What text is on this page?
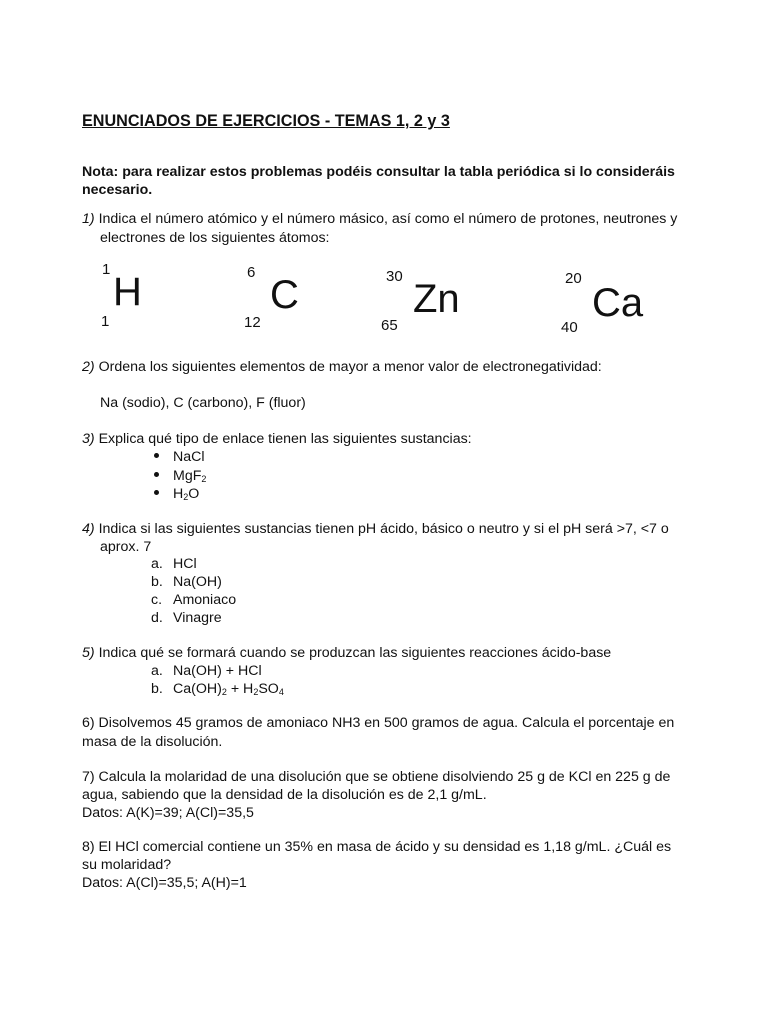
ENUNCIADOS DE EJERCICIOS - TEMAS 1, 2 y 3
Nota: para realizar estos problemas podéis consultar la tabla periódica si lo consideráis
necesario.
1) Indica el número atómico y el número másico, así como el número de protones, neutrones y
electrones de los siguientes átomos:
1
H
1
6
C
12
30
Zn
65
20
Ca
40
2) Ordena los siguientes elementos de mayor a menor valor de electronegatividad:
Na (sodio), C (carbono), F (fluor)
3) Explica qué tipo de enlace tienen las siguientes sustancias:
NaCl
MgF$_2$
$H_2O$
4) Indica si las siguientes sustancias tienen pH ácido, básico o neutro y si el pH será >7, <7 o
aprox. 7
a. HCl
b. Na(OH)
c. Amoniaco
d. Vinagre
5) Indica qué se formará cuando se produzcan las siguientes reacciones ácido-base
a. Na(OH) + HCl
b. $Ca(OH)_2 + H_2SO_4$
6) Disolvemos 45 gramos de amoniaco NH3 en 500 gramos de agua. Calcula el porcentaje en
masa de la disolución.
7) Calcula la molaridad de una disolución que se obtiene disolviendo 25 g de KCl en 225 g de
agua, sabiendo que la densidad de la disolución es de 2,1 g/mL.
Datos: A(K)=39; A(Cl)=35,5
8) El HCl comercial contiene un 35% en masa de ácido y su densidad es 1,18 g/mL. ¿Cuál es
su molaridad?
Datos: A(Cl)=35,5; A(H)=1
